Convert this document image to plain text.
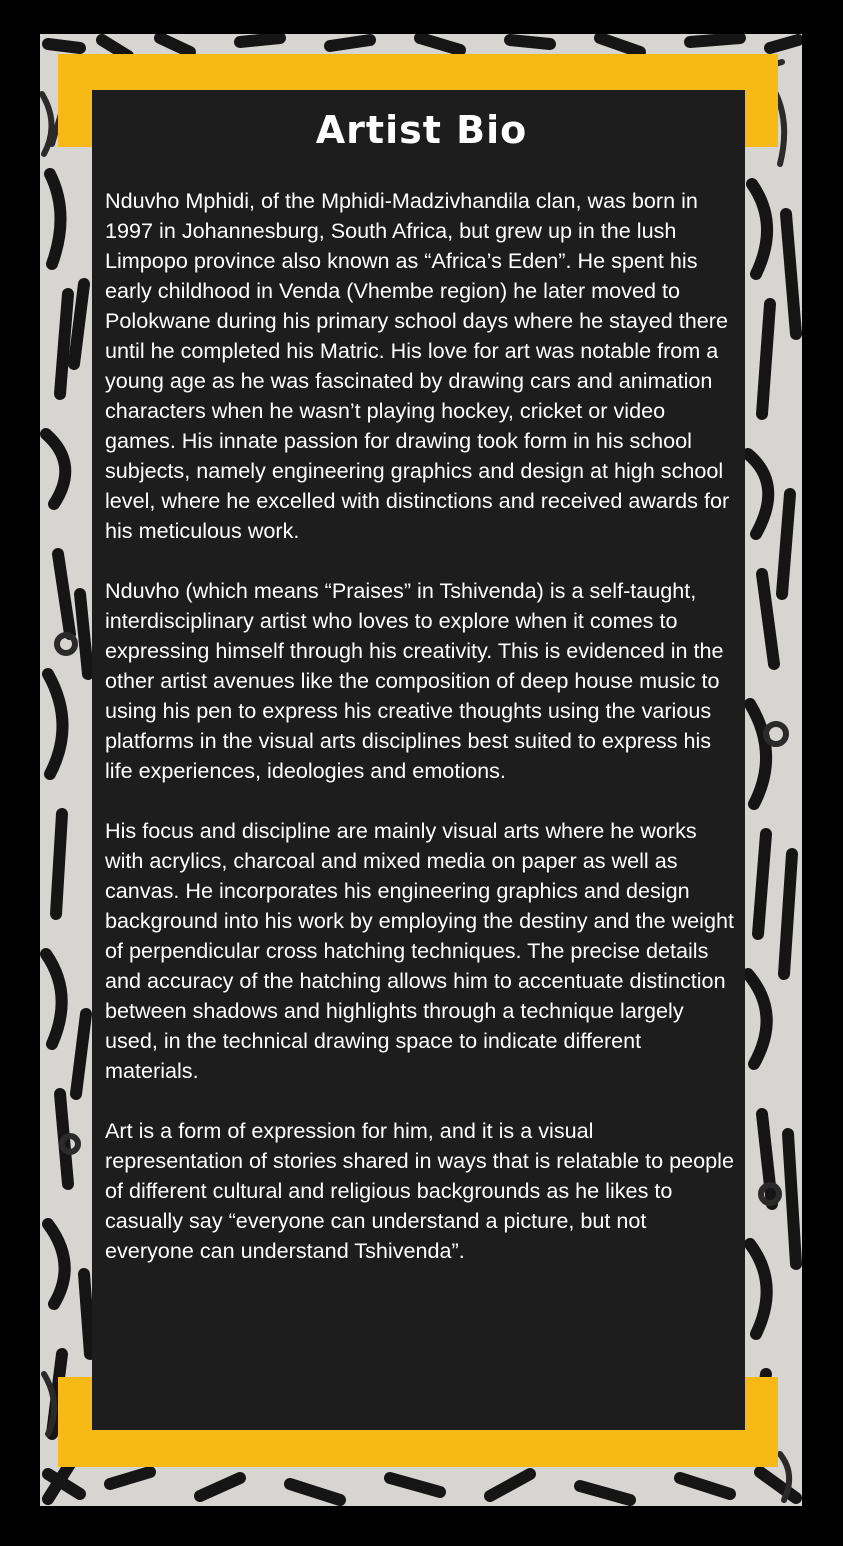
Artist Bio

Nduvho Mphidi, of the Mphidi-Madzivhandila clan, was born in 1997 in Johannesburg, South Africa, but grew up in the lush Limpopo province also known as “Africa’s Eden”. He spent his early childhood in Venda (Vhembe region) he later moved to Polokwane during his primary school days where he stayed there until he completed his Matric. His love for art was notable from a young age as he was fascinated by drawing cars and animation characters when he wasn’t playing hockey, cricket or video games. His innate passion for drawing took form in his school subjects, namely engineering graphics and design at high school level, where he excelled with distinctions and received awards for his meticulous work.

Nduvho (which means “Praises” in Tshivenda) is a self-taught, interdisciplinary artist who loves to explore when it comes to expressing himself through his creativity. This is evidenced in the other artist avenues like the composition of deep house music to using his pen to express his creative thoughts using the various platforms in the visual arts disciplines best suited to express his life experiences, ideologies and emotions.

His focus and discipline are mainly visual arts where he works with acrylics, charcoal and mixed media on paper as well as canvas. He incorporates his engineering graphics and design background into his work by employing the destiny and the weight of perpendicular cross hatching techniques. The precise details and accuracy of the hatching allows him to accentuate distinction between shadows and highlights through a technique largely used, in the technical drawing space to indicate different materials.

Art is a form of expression for him, and it is a visual representation of stories shared in ways that is relatable to people of different cultural and religious backgrounds as he likes to casually say “everyone can understand a picture, but not everyone can understand Tshivenda”.
